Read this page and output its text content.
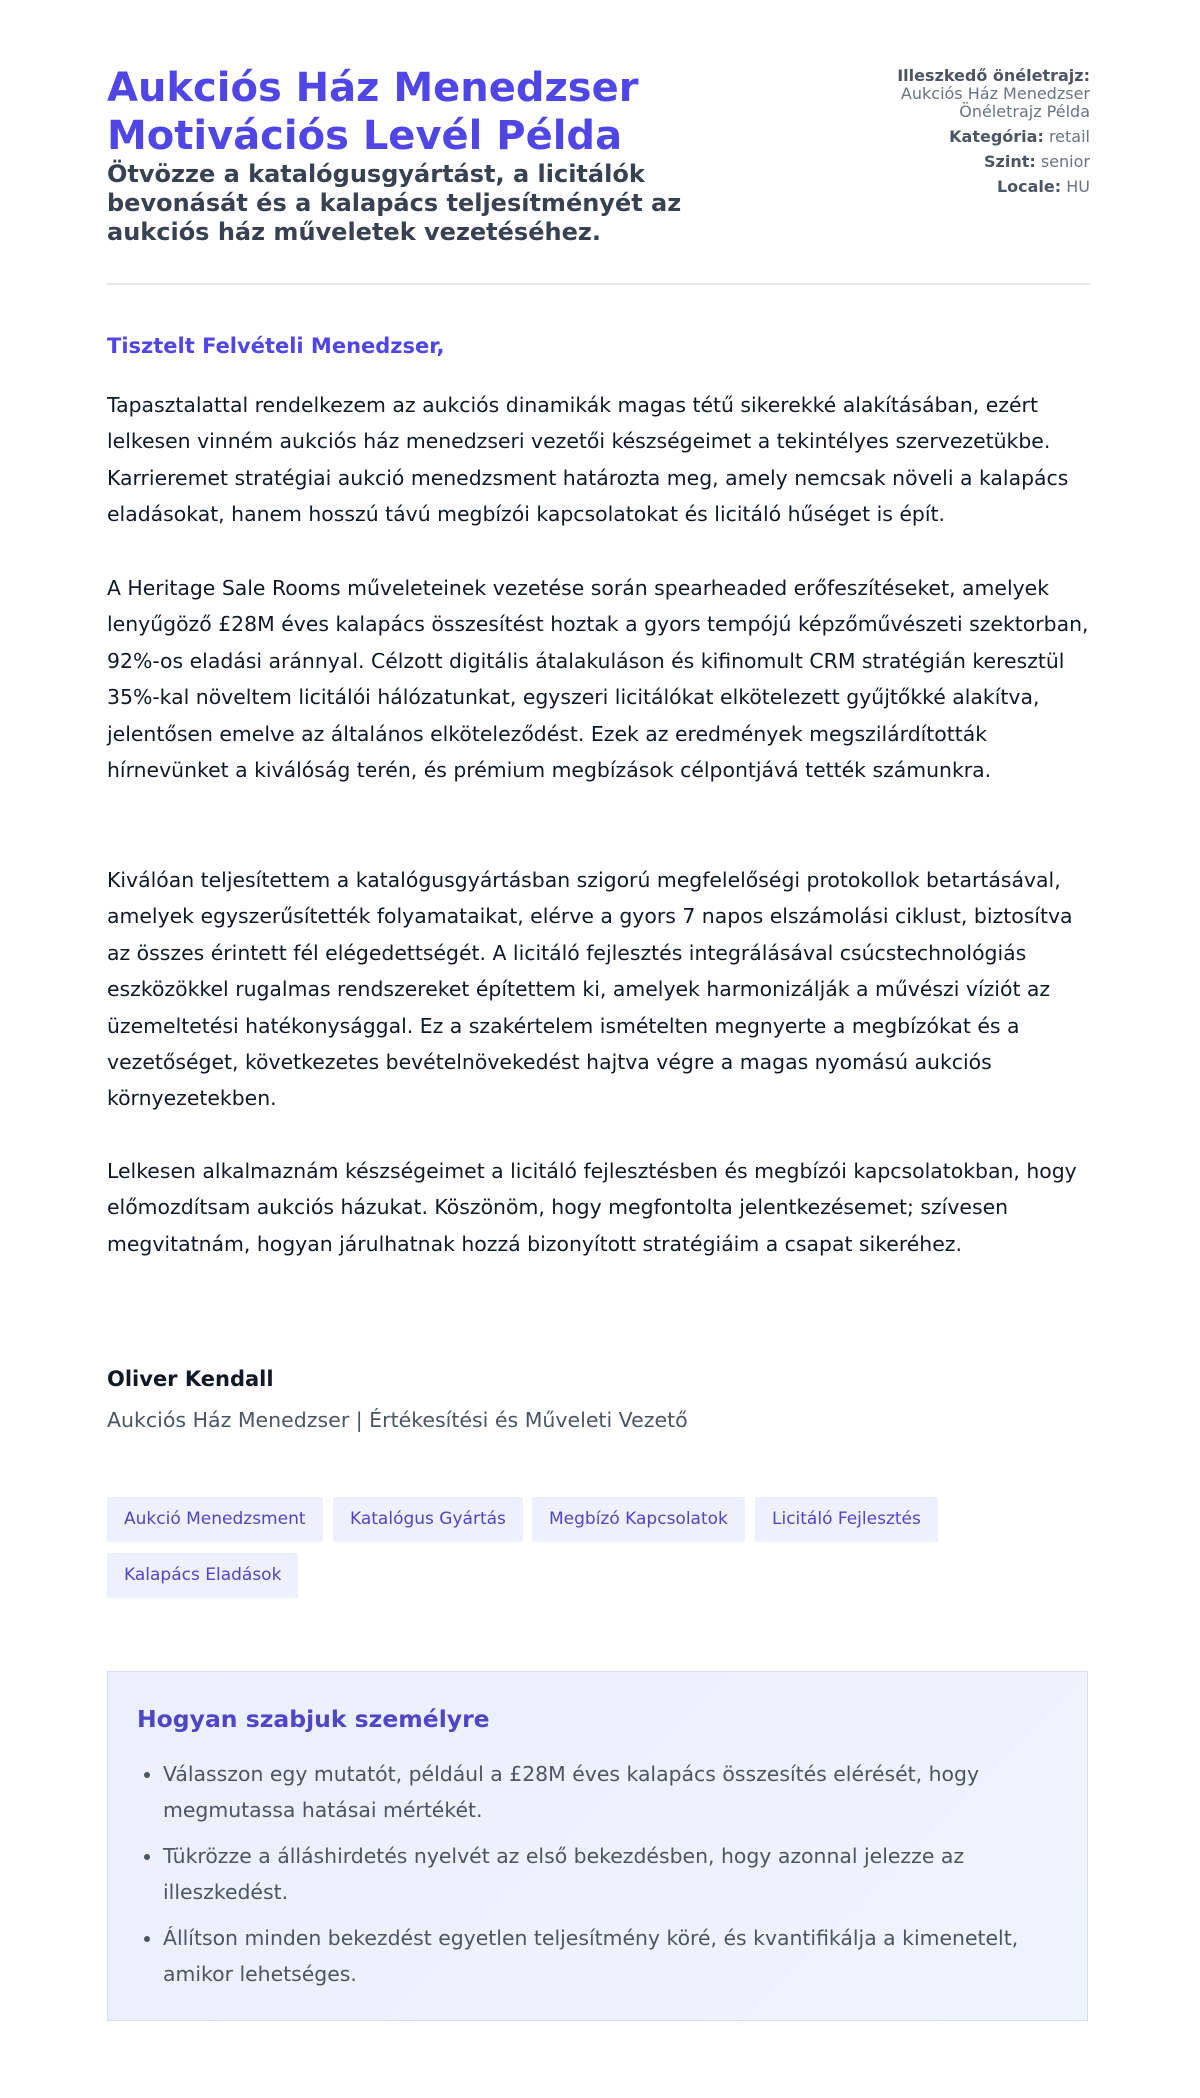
Aukciós Ház Menedzser Motivációs Levél Példa
Ötvözze a katalógusgyártást, a licitálók bevonását és a kalapács teljesítményét az aukciós ház műveletek vezetéséhez.
Illeszkedő önéletrajz:
Aukciós Ház Menedzser Önéletrajz Példa
Kategória: retail
Szint: senior
Locale: HU

Tisztelt Felvételi Menedzser,

Tapasztalattal rendelkezem az aukciós dinamikák magas tétű sikerekké alakításában, ezért lelkesen vinném aukciós ház menedzseri vezetői készségeimet a tekintélyes szervezetükbe. Karrieremet stratégiai aukció menedzsment határozta meg, amely nemcsak növeli a kalapács eladásokat, hanem hosszú távú megbízói kapcsolatokat és licitáló hűséget is épít.

A Heritage Sale Rooms műveleteinek vezetése során spearheaded erőfeszítéseket, amelyek lenyűgöző £28M éves kalapács összesítést hoztak a gyors tempójú képzőművészeti szektorban, 92%-os eladási aránnyal. Célzott digitális átalakuláson és kifinomult CRM stratégián keresztül 35%-kal növeltem licitálói hálózatunkat, egyszeri licitálókat elkötelezett gyűjtőkké alakítva, jelentősen emelve az általános elköteleződést. Ezek az eredmények megszilárdították hírnevünket a kiválóság terén, és prémium megbízások célpontjává tették számunkra.

Kiválóan teljesítettem a katalógusgyártásban szigorú megfelelőségi protokollok betartásával, amelyek egyszerűsítették folyamataikat, elérve a gyors 7 napos elszámolási ciklust, biztosítva az összes érintett fél elégedettségét. A licitáló fejlesztés integrálásával csúcstechnológiás eszközökkel rugalmas rendszereket építettem ki, amelyek harmonizálják a művészi víziót az üzemeltetési hatékonysággal. Ez a szakértelem ismételten megnyerte a megbízókat és a vezetőséget, következetes bevételnövekedést hajtva végre a magas nyomású aukciós környezetekben.

Lelkesen alkalmaznám készségeimet a licitáló fejlesztésben és megbízói kapcsolatokban, hogy előmozdítsam aukciós házukat. Köszönöm, hogy megfontolta jelentkezésemet; szívesen megvitatnám, hogyan járulhatnak hozzá bizonyított stratégiáim a csapat sikeréhez.

Oliver Kendall

Aukciós Ház Menedzser | Értékesítési és Műveleti Vezető

Aukció Menedzsment	Katalógus Gyártás	Megbízó Kapcsolatok	Licitáló Fejlesztés
Kalapács Eladások
Hogyan szabjuk személyre
• Válasszon egy mutatót, például a £28M éves kalapács összesítés elérését, hogy megmutassa hatásai mértékét.
• Tükrözze a álláshirdetés nyelvét az első bekezdésben, hogy azonnal jelezze az illeszkedést.
• Állítson minden bekezdést egyetlen teljesítmény köré, és kvantifikálja a kimenetelt, amikor lehetséges.
